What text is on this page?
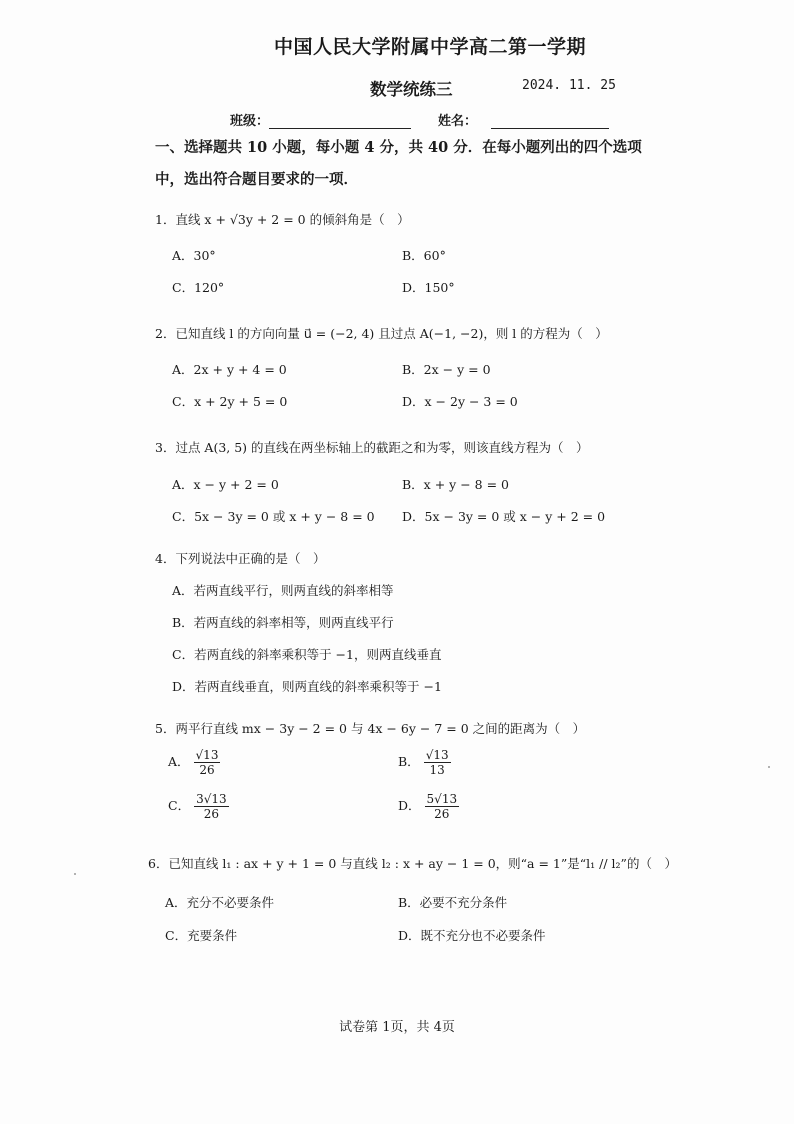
中国人民大学附属中学高二第一学期
数学统练三	2024. 11. 25
班级：	姓名：
一、选择题共 10 小题，每小题 4 分，共 40 分．在每小题列出的四个选项中，选出符合题目要求的一项．
1．直线 x + √3y + 2 = 0 的倾斜角是（　）
A．30°	B．60°
C．120°	D．150°
2．已知直线 l 的方向向量 u⃗ = (−2, 4) 且过点 A(−1, −2)，则 l 的方程为（　）
A．2x + y + 4 = 0	B．2x − y = 0
C．x + 2y + 5 = 0	D．x − 2y − 3 = 0
3．过点 A(3, 5) 的直线在两坐标轴上的截距之和为零，则该直线方程为（　）
A．x − y + 2 = 0	B．x + y − 8 = 0
C．5x − 3y = 0 或 x + y − 8 = 0 D．5x − 3y = 0 或 x − y + 2 = 0
4．下列说法中正确的是（　）
A．若两直线平行，则两直线的斜率相等
B．若两直线的斜率相等，则两直线平行
C．若两直线的斜率乘积等于 −1，则两直线垂直
D．若两直线垂直，则两直线的斜率乘积等于 −1
5．两平行直线 mx − 3y − 2 = 0 与 4x − 6y − 7 = 0 之间的距离为（　）
A． $\frac{√13}{26}$	B． $\frac{√13}{13}$
C． $\frac{3√13}{26}$	D． $\frac{5√13}{26}$
6．已知直线 l₁ : ax + y + 1 = 0 与直线 l₂ : x + ay − 1 = 0，则“a = 1”是“l₁ // l₂”的（　）
A．充分不必要条件	B．必要不充分条件
C．充要条件	D．既不充分也不必要条件
试卷第 1页，共 4页
